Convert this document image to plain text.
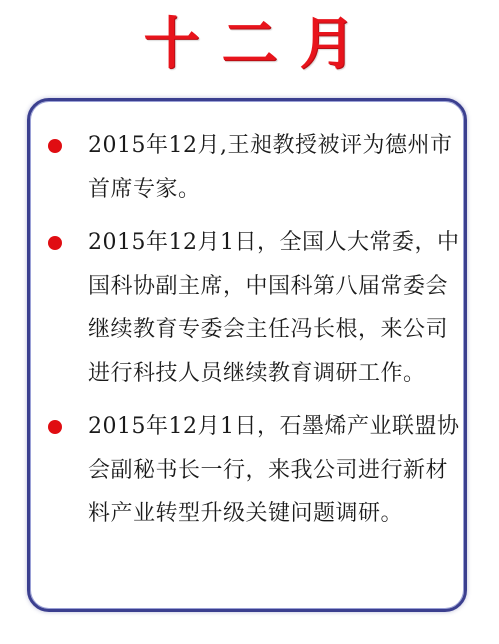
十二月
2015年12月,王昶教授被评为德州市首席专家。
2015年12月1日，全国人大常委，中国科协副主席，中国科第八届常委会继续教育专委会主任冯长根，来公司进行科技人员继续教育调研工作。
2015年12月1日，石墨烯产业联盟协会副秘书长一行，来我公司进行新材料产业转型升级关键问题调研。
